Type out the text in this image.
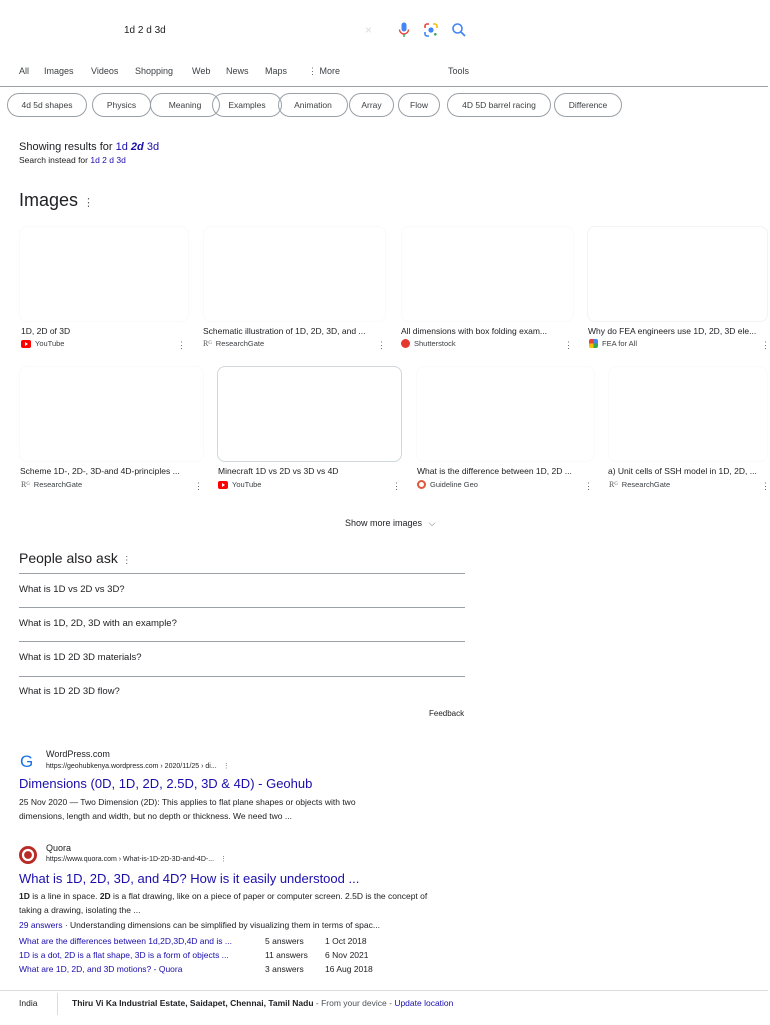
1d 2 d 3d	×
All Images Videos Shopping Web News Maps ⋮ More	Tools
4d 5d shapes	Physics	Meaning	Examples	Animation	Array	Flow	4D 5D barrel racing	Difference
Showing results for 1d 2d 3d
Search instead for 1d 2 d 3d
Images ⋮
1D, 2D of 3D
YouTube	⋮
Schematic illustration of 1D, 2D, 3D, and ...
Rᴳ ResearchGate	⋮
All dimensions with box folding exam...
Shutterstock	⋮
Why do FEA engineers use 1D, 2D, 3D ele...
FEA for All	⋮
Scheme 1D-, 2D-, 3D-and 4D-principles ...
Rᴳ ResearchGate	⋮
Minecraft 1D vs 2D vs 3D vs 4D
YouTube	⋮
What is the difference between 1D, 2D ...
Guideline Geo	⋮
a) Unit cells of SSH model in 1D, 2D, ...
Rᴳ ResearchGate	⋮
Show more images ⌵
People also ask ⋮
What is 1D vs 2D vs 3D?
What is 1D, 2D, 3D with an example?
What is 1D 2D 3D materials?
What is 1D 2D 3D flow?
Feedback
G WordPress.com
https://geohubkenya.wordpress.com › 2020/11/25 › di... ⋮
Dimensions (0D, 1D, 2D, 2.5D, 3D & 4D) - Geohub
25 Nov 2020 — Two Dimension (2D): This applies to flat plane shapes or objects with two dimensions, length and width, but no depth or thickness. We need two ...
Quora
https://www.quora.com › What-is-1D-2D-3D-and-4D-... ⋮
What is 1D, 2D, 3D, and 4D? How is it easily understood ...
1D is a line in space. 2D is a flat drawing, like on a piece of paper or computer screen. 2.5D is the concept of taking a drawing, isolating the ...
29 answers · Understanding dimensions can be simplified by visualizing them in terms of spac...
What are the differences between 1d,2D,3D,4D and is ...	5 answers	1 Oct 2018
1D is a dot, 2D is a flat shape, 3D is a form of objects ...	11 answers 6 Nov 2021
What are 1D, 2D, and 3D motions? - Quora	3 answers	16 Aug 2018
India	Thiru Vi Ka Industrial Estate, Saidapet, Chennai, Tamil Nadu - From your device - Update location
